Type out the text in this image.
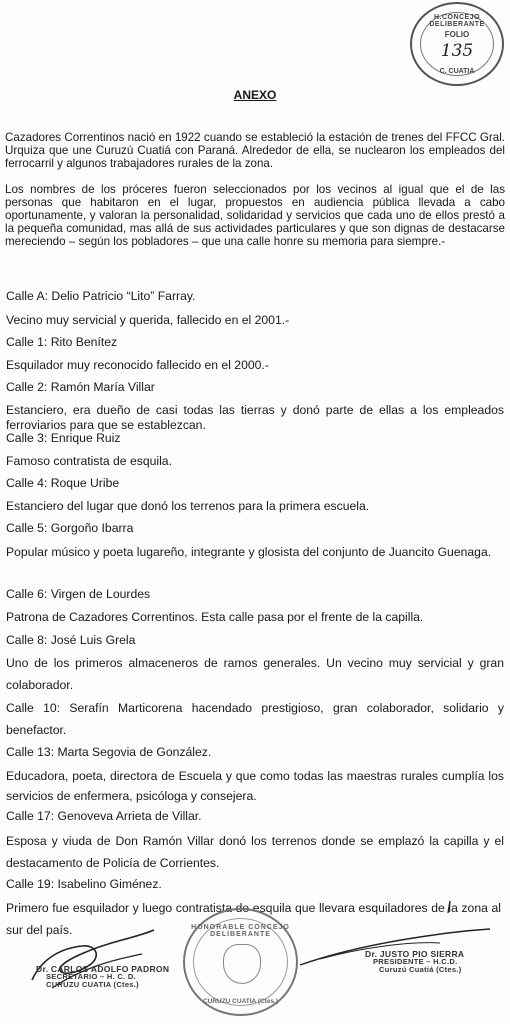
H.CONCEJO DELIBERANTE
FOLIO
135
C. CUATIA
ANEXO
Cazadores Correntinos nació en 1922 cuando se estableció la estación de trenes del FFCC Gral. Urquiza que une Curuzú Cuatiá con Paraná. Alrededor de ella, se nuclearon los empleados del ferrocarril y algunos trabajadores rurales de la zona.
Los nombres de los próceres fueron seleccionados por los vecinos al igual que el de las personas que habitaron en el lugar, propuestos en audiencia pública llevada a cabo oportunamente, y valoran la personalidad, solidaridad y servicios que cada uno de ellos prestó a la pequeña comunidad, mas allá de sus actividades particulares y que son dignas de destacarse mereciendo – según los pobladores – que una calle honre su memoria para siempre.-
Calle A: Delio Patricio “Lito” Farray.
Vecino muy servicial y querida, fallecido en el 2001.-
Calle 1: Rito Benítez
Esquilador muy reconocido fallecido en el 2000.-
Calle 2: Ramón María Villar
Estanciero, era dueño de casi todas las tierras y donó parte de ellas a los empleados ferroviarios para que se establezcan.
Calle 3: Enrique Ruiz
Famoso contratista de esquila.
Calle 4: Roque Uribe
Estanciero del lugar que donó los terrenos para la primera escuela.
Calle 5: Gorgoño Ibarra
Popular músico y poeta lugareño, integrante y glosista del conjunto de Juancito Guenaga.
Calle 6: Virgen de Lourdes
Patrona de Cazadores Correntinos. Esta calle pasa por el frente de la capilla.
Calle 8: José Luis Grela
Uno de los primeros almaceneros de ramos generales. Un vecino muy servicial y gran colaborador.
Calle 10: Serafín Marticorena hacendado prestigioso, gran colaborador, solidario y benefactor.
Calle 13: Marta Segovia de González.
Educadora, poeta, directora de Escuela y que como todas las maestras rurales cumplía los servicios de enfermera, psicóloga y consejera.
Calle 17: Genoveva Arrieta de Villar.
Esposa y viuda de Don Ramón Villar donó los terrenos donde se emplazó la capilla y el destacamento de Policía de Corrientes.
Calle 19: Isabelino Giménez.
Primero fue esquilador y luego contratista de esquila que llevara esquiladores de la zona al sur del país.
Dr. CARLOS ADOLFO PADRON
SECRETARIO – H. C. D.
CURUZU CUATIA (Ctes.)
HONORABLE CONCEJO DELIBERANTE
CURUZU CUATIA (Ctes.)
Dr. JUSTO PIO SIERRA
PRESIDENTE – H.C.D.
Curuzú Cuatiá (Ctes.)
